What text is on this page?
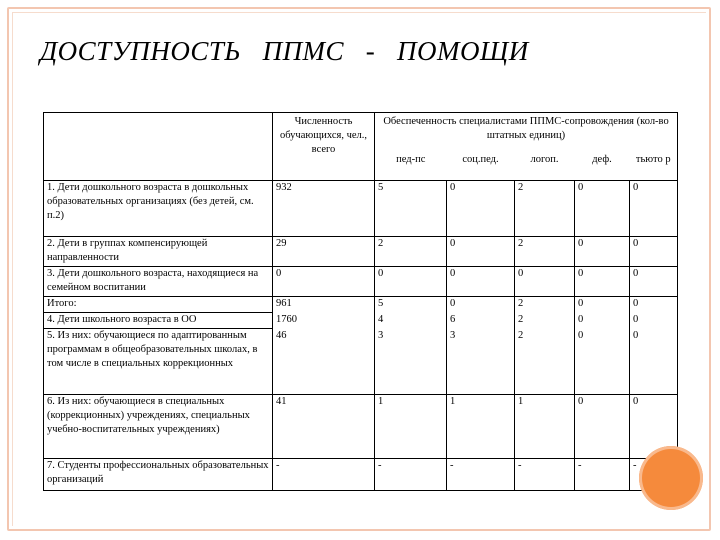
ДОСТУПНОСТЬ   ППМС   -   ПОМОЩИ
	Численность обучающихся, чел., всего	Обеспеченность специалистами ППМС-сопровождения (кол-во штатных единиц)				
		пед-пс	соц.пед.	логоп.	деф.	тьюто р
1. Дети дошкольного возраста в дошкольных образовательных организациях (без детей, см. п.2)	932	5	0	2	0	0
2. Дети в группах компенсирующей направленности	29	2	0	2	0	0
3. Дети дошкольного возраста, находящиеся на семейном воспитании	0	0	0	0	0	0
Итого:	961	5	0	2	0	0
4. Дети школьного возраста в ОО	1760	4	6	2	0	0
5. Из них: обучающиеся по адаптированным программам в общеобразовательных школах, в том числе в специальных коррекционных	46	3	3	2	0	0
6. Из них: обучающиеся в специальных (коррекционных) учреждениях, специальных учебно-воспитательных учреждениях)	41	1	1	1	0	0
7. Студенты профессиональных образовательных организаций	-	-	-	-	-	-
